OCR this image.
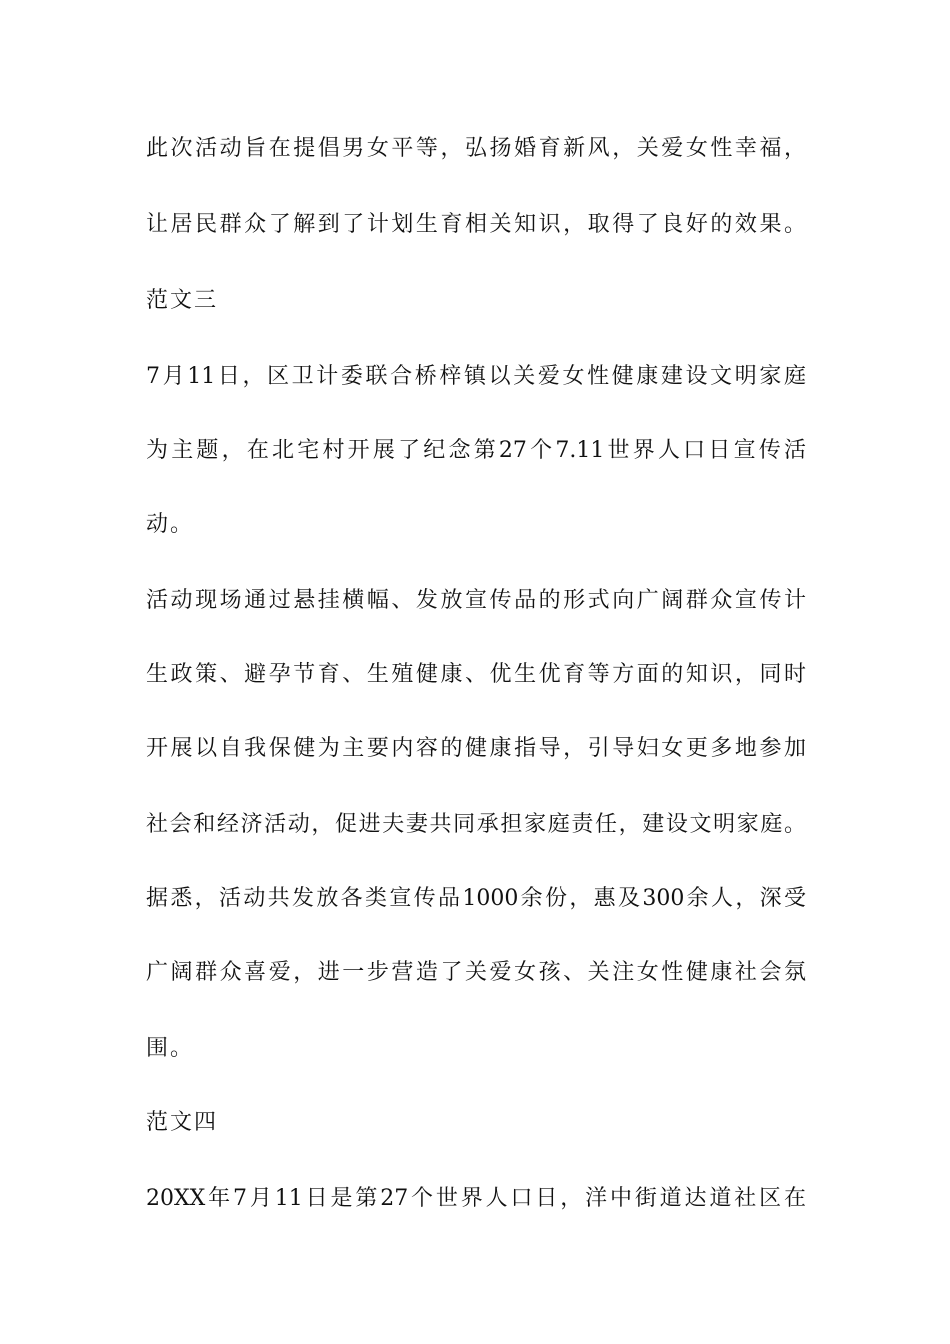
此次活动旨在提倡男女平等，弘扬婚育新风，关爱女性幸福，

让居民群众了解到了计划生育相关知识，取得了良好的效果。

范文三

7月11日，区卫计委联合桥梓镇以关爱女性健康建设文明家庭

为主题，在北宅村开展了纪念第27个7.11世界人口日宣传活

动。

活动现场通过悬挂横幅、发放宣传品的形式向广阔群众宣传计

生政策、避孕节育、生殖健康、优生优育等方面的知识，同时

开展以自我保健为主要内容的健康指导，引导妇女更多地参加

社会和经济活动，促进夫妻共同承担家庭责任，建设文明家庭。

据悉，活动共发放各类宣传品1000余份，惠及300余人，深受

广阔群众喜爱，进一步营造了关爱女孩、关注女性健康社会氛

围。

范文四

20XX年7月11日是第27个世界人口日，洋中街道达道社区在
